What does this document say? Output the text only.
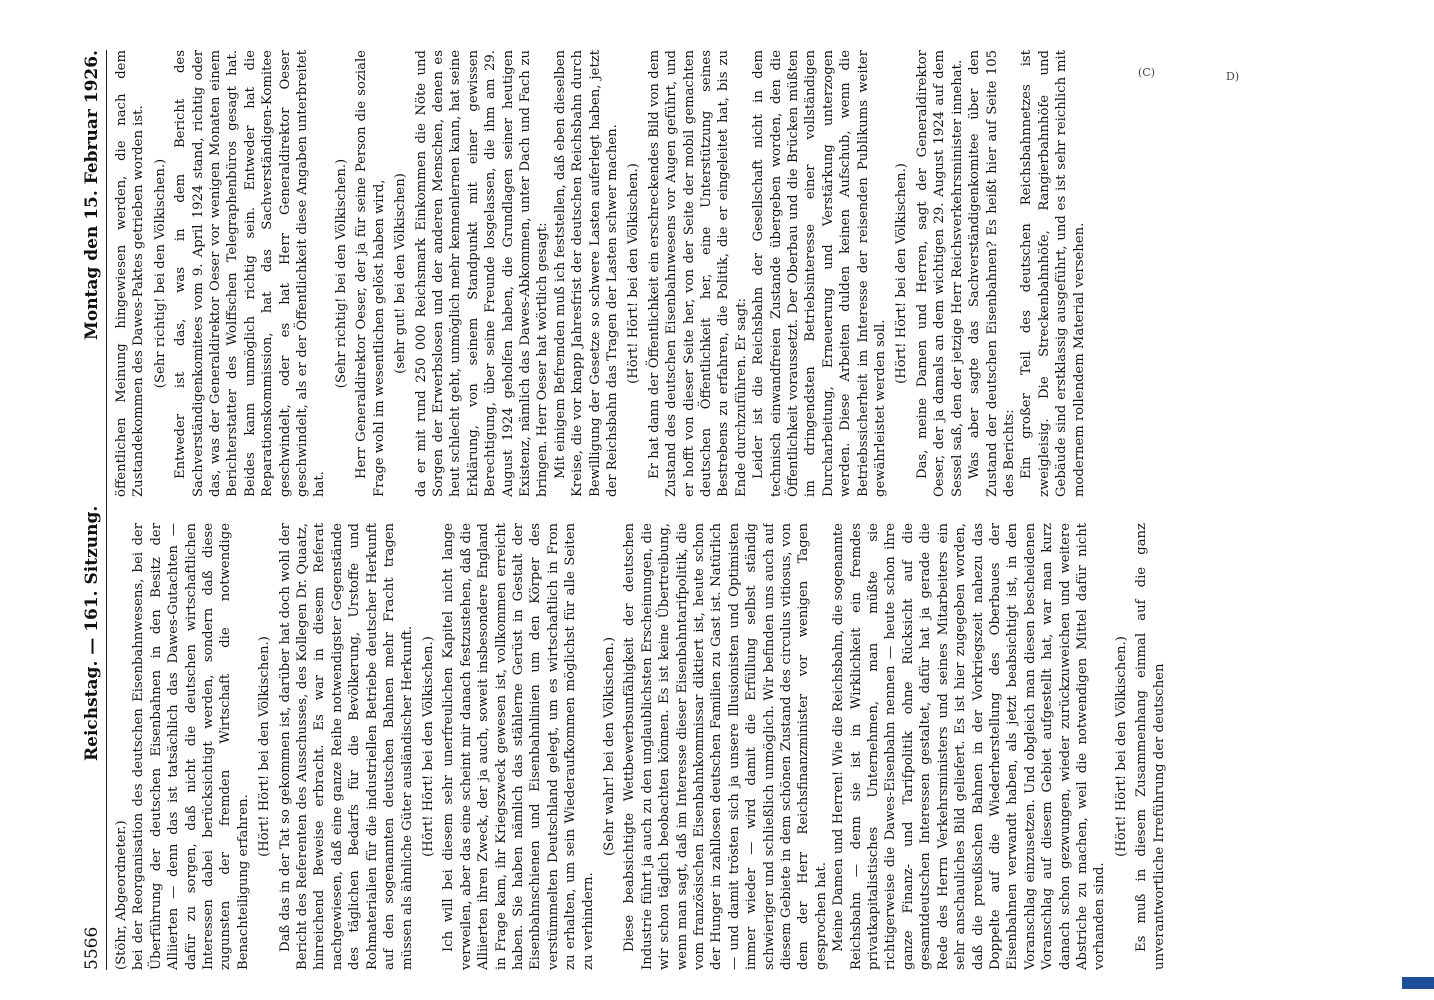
5566
Reichstag. — 161. Sitzung.
Montag den 15. Februar 1926.

(Stöhr, Abgeordneter.) bei der Reorganisation des deutschen Eisenbahnwesens, bei der Überführung der deutschen Eisenbahnen in den Besitz der Alliierten — denn das ist tatsächlich das Dawes-Gutachten — dafür zu sorgen, daß nicht die deutschen wirtschaftlichen Interessen dabei berücksichtigt werden, sondern daß diese zugunsten der fremden Wirtschaft die notwendige Benachteiligung erfahren.

(Hört! Hört! bei den Völkischen.) Daß das in der Tat so gekommen ist, darüber hat doch wohl der Bericht des Referenten des Ausschusses, des Kollegen Dr. Quaatz, hinreichend Beweise erbracht. Es war in diesem Referat nachgewiesen, daß eine ganze Reihe notwendigster Gegenstände des täglichen Bedarfs für die Bevölkerung, Urstoffe und Rohmaterialien für die industriellen Betriebe deutscher Herkunft auf den sogenannten deutschen Bahnen mehr Fracht tragen müssen als ähnliche Güter ausländischer Herkunft. (Hört! Hört! bei den Völkischen.) Ich will bei diesem sehr unerfreulichen Kapitel nicht lange verweilen, aber das eine scheint mir danach festzustehen, daß die Alliierten ihren Zweck, der ja auch, soweit insbesondere England in Frage kam, ihr Kriegszweck gewesen ist, vollkommen erreicht haben. Sie haben nämlich das stählerne Gerüst in Gestalt der Eisenbahnschienen und Eisenbahnlinien um den Körper des verstümmelten Deutschland gelegt, um es wirtschaftlich in Fron zu erhalten, um sein Wiederaufkommen möglichst für alle Seiten zu verhindern.

(Sehr wahr! bei den Völkischen.) Diese beabsichtigte Wettbewerbsunfähigkeit der deutschen Industrie führt ja auch zu den unglaublichsten Erscheinungen, die wir schon täglich beobachten können. Es ist keine Übertreibung, wenn man sagt, daß im Interesse dieser Eisenbahntarifpolitik, die vom französischen Eisenbahnkommissar diktiert ist, heute schon der Hunger in zahllosen deutschen Familien zu Gast ist. Natürlich — und damit trösten sich ja unsere Illusionisten und Optimisten immer wieder — wird damit die Erfüllung selbst ständig schwieriger und schließlich unmöglich. Wir befinden uns auch auf diesem Gebiete in dem schönen Zustand des circulus vitiosus, von dem der Herr Reichsfinanzminister vor wenigen Tagen gesprochen hat. Meine Damen und Herren! Wie die Reichsbahn, die sogenannte Reichsbahn — denn sie ist in Wirklichkeit ein fremdes privatkapitalistisches Unternehmen, man müßte sie richtigerweise die Dawes-Eisenbahn nennen — heute schon ihre ganze Finanz- und Tarifpolitik ohne Rücksicht auf die gesamtdeutschen Interessen gestaltet, dafür hat ja gerade die Rede des Herrn Verkehrsministers und seines Mitarbeiters ein sehr anschauliches Bild geliefert. Es ist hier zugegeben worden, daß die preußischen Bahnen in der Vorkriegszeit nahezu das Doppelte auf die Wiederherstellung des Oberbaues der Eisenbahnen verwandt haben, als jetzt beabsichtigt ist, in den Voranschlag einzusetzen. Und obgleich man diesen bescheidenen Voranschlag auf diesem Gebiet aufgestellt hat, war man kurz danach schon gezwungen, wieder zurückzuweichen und weitere Abstriche zu machen, weil die notwendigen Mittel dafür nicht vorhanden sind.

(Hört! Hört! bei den Völkischen.) Es muß in diesem Zusammenhang einmal auf die ganz unverantwortliche Irreführung der deutschen

öffentlichen Meinung hingewiesen werden, die nach dem Zustandekommen des Dawes-Paktes getrieben worden ist. (Sehr richtig! bei den Völkischen.) Entweder ist das, was in dem Bericht des Sachverständigenkomitees vom 9. April 1924 stand, richtig oder das, was der Generaldirektor Oeser vor wenigen Monaten einem Berichterstatter des Wolffschen Telegraphenbüros gesagt hat. Beides kann unmöglich richtig sein. Entweder hat die Reparationskommission, hat das Sachverständigen-Komitee geschwindelt, oder es hat Herr Generaldirektor Oeser geschwindelt, als er der Öffentlichkeit diese Angaben unterbreitet hat.

(Sehr richtig! bei den Völkischen.) Herr Generaldirektor Oeser, der ja für seine Person die soziale Frage wohl im wesentlichen gelöst haben wird, (sehr gut! bei den Völkischen) da er mit rund 250 000 Reichsmark Einkommen die Nöte und Sorgen der Erwerbslosen und der anderen Menschen, denen es heut schlecht geht, unmöglich mehr kennenlernen kann, hat seine Erklärung, von seinem Standpunkt mit einer gewissen Berechtigung, über seine Freunde losgelassen, die ihm am 29. August 1924 geholfen haben, die Grundlagen seiner heutigen Existenz, nämlich das Dawes-Abkommen, unter Dach und Fach zu bringen. Herr Oeser hat wörtlich gesagt: Mit einigem Befremden muß ich feststellen, daß eben dieselben Kreise, die vor knapp Jahresfrist der deutschen Reichsbahn durch Bewilligung der Gesetze so schwere Lasten auferlegt haben, jetzt der Reichsbahn das Tragen der Lasten schwer machen. (Hört! Hört! bei den Völkischen.) Er hat dann der Öffentlichkeit ein erschreckendes Bild von dem Zustand des deutschen Eisenbahnwesens vor Augen geführt, und er hofft von dieser Seite her, von der Seite der mobil gemachten deutschen Öffentlichkeit her, eine Unterstützung seines Bestrebens zu erfahren, die Politik, die er eingeleitet hat, bis zu Ende durchzuführen. Er sagt: Leider ist die Reichsbahn der Gesellschaft nicht in dem technisch einwandfreien Zustande übergeben worden, den die Öffentlichkeit voraussetzt. Der Oberbau und die Brücken müßten im dringendsten Betriebsinteresse einer vollständigen Durcharbeitung, Erneuerung und Verstärkung unterzogen werden. Diese Arbeiten dulden keinen Aufschub, wenn die Betriebssicherheit im Interesse der reisenden Publikums weiter gewährleistet werden soll.

(Hört! Hört! bei den Völkischen.) Das, meine Damen und Herren, sagt der Generaldirektor Oeser, der ja damals an dem wichtigen 29. August 1924 auf dem Sessel saß, den der jetzige Herr Reichsverkehrsminister innehat. Was aber sagte das Sachverständigenkomitee über den Zustand der deutschen Eisenbahnen? Es heißt hier auf Seite 105 des Berichts: Ein großer Teil des deutschen Reichsbahnnetzes ist zweigleisig. Die Streckenbahnhöfe, Rangierbahnhöfe und Gebäude sind erstklassig ausgeführt, und es ist sehr reichlich mit modernem rollendem Material versehen.

(C)	D)
